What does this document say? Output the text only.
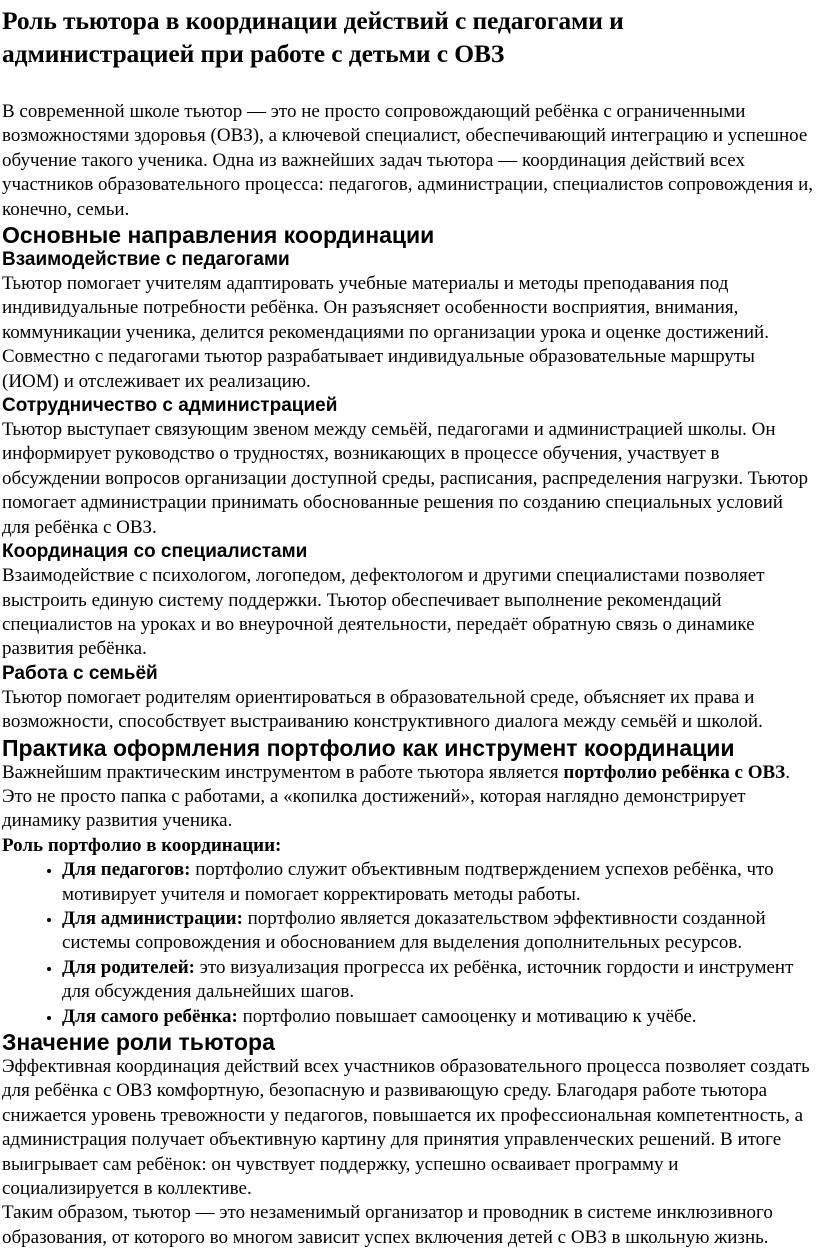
Роль тьютора в координации действий с педагогами и администрацией при работе с детьми с ОВЗ

В современной школе тьютор — это не просто сопровождающий ребёнка с ограниченными возможностями здоровья (ОВЗ), а ключевой специалист, обеспечивающий интеграцию и успешное обучение такого ученика. Одна из важнейших задач тьютора — координация действий всех участников образовательного процесса: педагогов, администрации, специалистов сопровождения и, конечно, семьи.

Основные направления координации
Взаимодействие с педагогами

Тьютор помогает учителям адаптировать учебные материалы и методы преподавания под индивидуальные потребности ребёнка. Он разъясняет особенности восприятия, внимания, коммуникации ученика, делится рекомендациями по организации урока и оценке достижений. Совместно с педагогами тьютор разрабатывает индивидуальные образовательные маршруты (ИОМ) и отслеживает их реализацию.

Сотрудничество с администрацией

Тьютор выступает связующим звеном между семьёй, педагогами и администрацией школы. Он информирует руководство о трудностях, возникающих в процессе обучения, участвует в обсуждении вопросов организации доступной среды, расписания, распределения нагрузки. Тьютор помогает администрации принимать обоснованные решения по созданию специальных условий для ребёнка с ОВЗ.

Координация со специалистами

Взаимодействие с психологом, логопедом, дефектологом и другими специалистами позволяет выстроить единую систему поддержки. Тьютор обеспечивает выполнение рекомендаций специалистов на уроках и во внеурочной деятельности, передаёт обратную связь о динамике развития ребёнка.

Работа с семьёй

Тьютор помогает родителям ориентироваться в образовательной среде, объясняет их права и возможности, способствует выстраиванию конструктивного диалога между семьёй и школой.

Практика оформления портфолио как инструмент координации

Важнейшим практическим инструментом в работе тьютора является портфолио ребёнка с ОВЗ. Это не просто папка с работами, а «копилка достижений», которая наглядно демонстрирует динамику развития ученика.

Роль портфолио в координации:

• Для педагогов: портфолио служит объективным подтверждением успехов ребёнка, что мотивирует учителя и помогает корректировать методы работы.
• Для администрации: портфолио является доказательством эффективности созданной системы сопровождения и обоснованием для выделения дополнительных ресурсов.
• Для родителей: это визуализация прогресса их ребёнка, источник гордости и инструмент для обсуждения дальнейших шагов.
• Для самого ребёнка: портфолио повышает самооценку и мотивацию к учёбе.
Значение роли тьютора

Эффективная координация действий всех участников образовательного процесса позволяет создать для ребёнка с ОВЗ комфортную, безопасную и развивающую среду. Благодаря работе тьютора снижается уровень тревожности у педагогов, повышается их профессиональная компетентность, а администрация получает объективную картину для принятия управленческих решений. В итоге выигрывает сам ребёнок: он чувствует поддержку, успешно осваивает программу и социализируется в коллективе.

Таким образом, тьютор — это незаменимый организатор и проводник в системе инклюзивного образования, от которого во многом зависит успех включения детей с ОВЗ в школьную жизнь.
